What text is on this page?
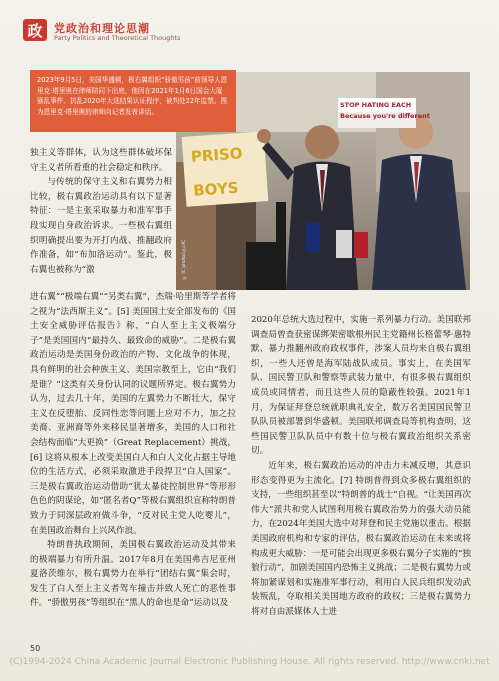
政 党政治和理论思潮
Party Politics and Theoretical Thoughts
PRISO
BOYS
STOP HATING EACH
Because you're different
◎ IC photo/东方IC
2023年9月5日，美国华盛顿，极右翼组织“骄傲男孩”前领导人恩里克·塔里奥在律师陪同下出庭，他因在2021年1月6日国会大厦骚乱事件、抗乱2020年大选结果认证程序，被判处22年监禁。图为恩里克·塔里奥的律师向记者发表讲话。

独主义等群体，认为这些群体破坏保守主义者所看重的社会稳定和秩序。

与传统的保守主义和右翼势力相比较，极右翼政治运动具有以下显著特征：一是主张采取暴力和准军事手段实现自身政治诉求。一些极右翼组织明确提出要为开打内战、推翻政府作准备，如“布加洛运动”。鉴此，极右翼也被称为“激

进右翼”“极端右翼”“另类右翼”，杰瑞·哈里斯等学者将之视为“法西斯主义”。[5] 美国国土安全部发布的《国土安全威胁评估报告》称，“白人至上主义极端分子”是美国国内“最持久、最致命的威胁”。二是极右翼政治运动是美国身份政治的产物、文化战争的体现，具有鲜明的社会种族主义、美国宗教至上，它由“我们是谁？”这类有关身份认同的议题所界定。极右翼势力认为，过去几十年，美国的左翼势力不断壮大，保守主义在反堕胎、反同性恋等问题上应对不力，加之拉美裔、亚洲裔等外来移民显著增多，美国的人口和社会结构面临“大更换”（Great Replacement）挑战，[6] 这将从根本上改变美国白人和白人文化占据主导地位的生活方式，必须采取激进手段捍卫“白人国家”。三是极右翼政治运动借助“犹太暴徒控制世界”等形形色色的阴谋论，如“匿名者Q”等极右翼组织宣称特朗普致力于同深层政府做斗争，“反对民主党人吃婴儿”，在美国政治舞台上兴风作浪。

特朗普执政期间，美国极右翼政治运动及其带来的极端暴力有所升温。2017年8月在美国弗吉尼亚州夏洛茨维尔，极右翼势力在举行“团结右翼”集会时，发生了白人至上主义者驾车撞击并致人死亡的恶性事件。“骄傲男孩”等组织在“黑人的命也是命”运动以及

2020年总统大选过程中，实施一系列暴力行动。美国联邦调查局曾查获密谋绑架密歇根州民主党籍州长格蕾琴·惠特默、暴力推翻州政府政权事件，涉案人员均来自极右翼组织，一些人还曾是海军陆战队成员。事实上，在美国军队、国民警卫队和警察等武装力量中，有很多极右翼组织成员或同情者，而且这些人员的隐蔽性较强。2021年1月，为保证拜登总统就职典礼安全，数万名美国国民警卫队队员被部署到华盛顿。美国联邦调查局等机构查明，这些国民警卫队队员中有数十位与极右翼政治组织关系密切。

近年来，极右翼政治运动的冲击力未减反增，其意识形态变得更为主流化。[7] 特朗普得到众多极右翼组织的支持，一些组织甚至以“特朗普的战士”自视。“让美国再次伟大”派共和党人试图利用极右翼政治势力的强大动员能力，在2024年美国大选中对拜登和民主党施以重击。根据美国政府机构和专家的评估，极右翼政治运动在未来或将构成更大威胁：一是可能会出现更多极右翼分子实施的“独狼行动”，加剧美国国内恐怖主义挑战；二是极右翼势力或将加紧谋划和实施准军事行动，利用白人民兵组织发动武装叛乱，夺取相关美国地方政府的政权；三是极右翼势力将对自由派媒体人士进

50
(C)1994-2024 China Academic Journal Electronic Publishing House. All rights reserved. http://www.cnki.net
